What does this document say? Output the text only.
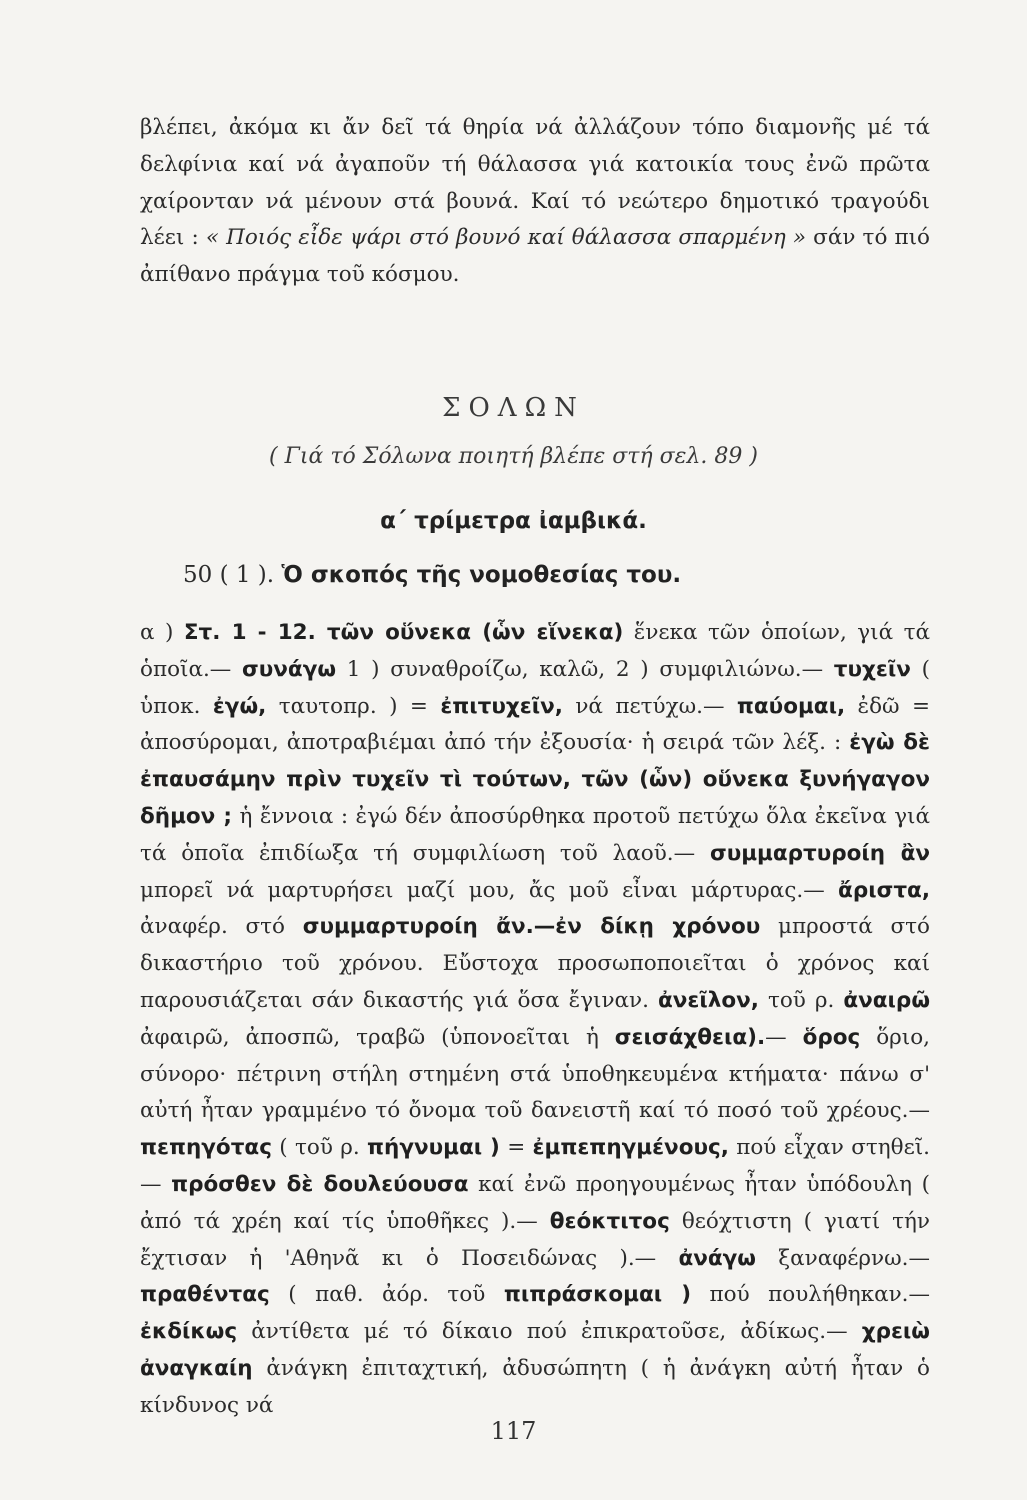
βλέπει, ἀκόμα κι ἄν δεῖ τά θηρία νά ἀλλάζουν τόπο διαμονῆς μέ τά δελφίνια καί νά ἀγαποῦν τή θάλασσα γιά κατοικία τους ἐνῶ πρῶτα χαίρονταν νά μένουν στά βουνά. Καί τό νεώτερο δημοτικό τραγούδι λέει : « Ποιός εἶδε ψάρι στό βουνό καί θάλασσα σπαρμένη » σάν τό πιό ἀπίθανο πράγμα τοῦ κόσμου.

ΣΟΛΩΝ

( Γιά τό Σόλωνα ποιητή βλέπε στή σελ. 89 )

α΄ τρίμετρα ἰαμβικά.

50 ( 1 ). Ὁ σκοπός τῆς νομοθεσίας του.

α ) Στ. 1 - 12. τῶν οὕνεκα (ὧν εἵνεκα) ἕνεκα τῶν ὁποίων, γιά τά ὁποῖα.— συνάγω 1 ) συναθροίζω, καλῶ, 2 ) συμφιλιώνω.— τυχεῖν ( ὑποκ. ἐγώ, ταυτοπρ. ) = ἐπιτυχεῖν, νά πετύχω.— παύομαι, ἐδῶ = ἀποσύρομαι, ἀποτραβιέμαι ἀπό τήν ἐξουσία· ἡ σειρά τῶν λέξ. : ἐγὼ δὲ ἐπαυσάμην πρὶν τυχεῖν τὶ τούτων, τῶν (ὧν) οὕνεκα ξυνήγαγον δῆμον ; ἡ ἔννοια : ἐγώ δέν ἀποσύρθηκα προτοῦ πετύχω ὅλα ἐκεῖνα γιά τά ὁποῖα ἐπιδίωξα τή συμφιλίωση τοῦ λαοῦ.— συμμαρτυροίη ἂν μπορεῖ νά μαρτυρήσει μαζί μου, ἄς μοῦ εἶναι μάρτυρας.— ἄριστα, ἀναφέρ. στό συμμαρτυροίη ἄν.—ἐν δίκῃ χρόνου μπροστά στό δικαστήριο τοῦ χρόνου. Εὔστοχα προσωποποιεῖται ὁ χρόνος καί παρουσιάζεται σάν δικαστής γιά ὅσα ἔγιναν. ἀνεῖλον, τοῦ ρ. ἀναιρῶ ἀφαιρῶ, ἀποσπῶ, τραβῶ (ὑπονοεῖται ἡ σεισάχθεια).— ὅρος ὅριο, σύνορο· πέτρινη στήλη στημένη στά ὑποθηκευμένα κτήματα· πάνω σ' αὐτή ἦταν γραμμένο τό ὄνομα τοῦ δανειστῆ καί τό ποσό τοῦ χρέους.— πεπηγότας ( τοῦ ρ. πήγνυμαι ) = ἐμπεπηγμένους, πού εἶχαν στηθεῖ.— πρόσθεν δὲ δουλεύουσα καί ἐνῶ προηγουμένως ἦταν ὑπόδουλη ( ἀπό τά χρέη καί τίς ὑποθῆκες ).— θεόκτιτος θεόχτιστη ( γιατί τήν ἔχτισαν ἡ 'Αθηνᾶ κι ὁ Ποσειδώνας ).— ἀνάγω ξαναφέρνω.— πραθέντας ( παθ. ἀόρ. τοῦ πιπράσκομαι ) πού πουλήθηκαν.— ἐκδίκως ἀντίθετα μέ τό δίκαιο πού ἐπικρατοῦσε, ἀδίκως.— χρειὼ ἀναγκαίη ἀνάγκη ἐπιταχτική, ἀδυσώπητη ( ἡ ἀνάγκη αὐτή ἦταν ὁ κίνδυνος νά

117
